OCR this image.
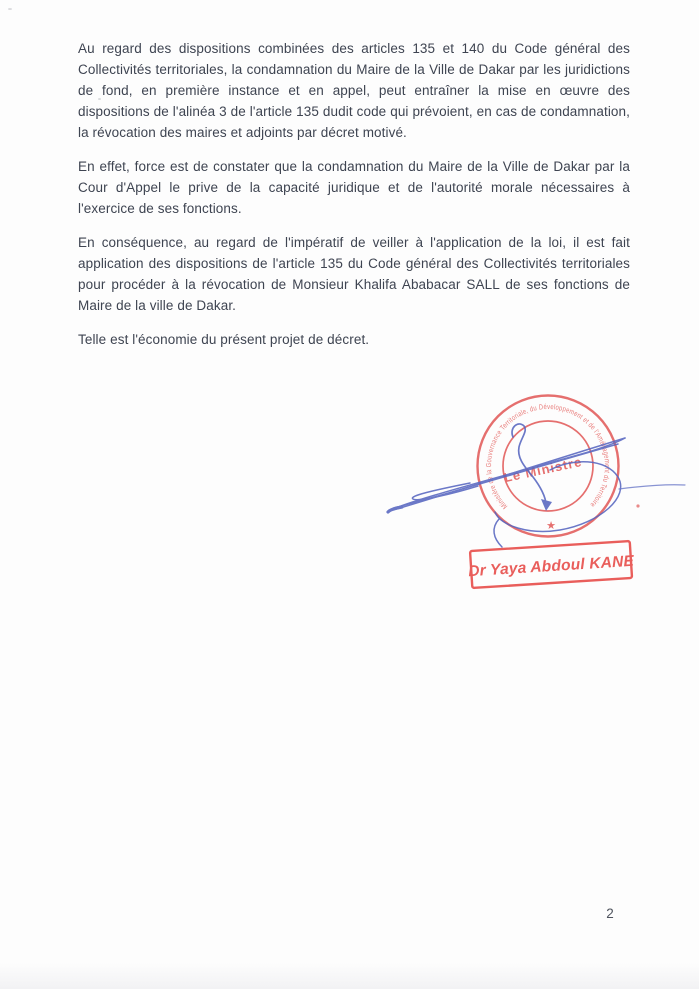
Au regard des dispositions combinées des articles 135 et 140 du Code général des Collectivités territoriales, la condamnation du Maire de la Ville de Dakar par les juridictions de fond, en première instance et en appel, peut entraîner la mise en œuvre des dispositions de l'alinéa 3 de l'article 135 dudit code qui prévoient, en cas de condamnation, la révocation des maires et adjoints par décret motivé.

En effet, force est de constater que la condamnation du Maire de la Ville de Dakar par la Cour d'Appel le prive de la capacité juridique et de l'autorité morale nécessaires à l'exercice de ses fonctions.

En conséquence, au regard de l'impératif de veiller à l'application de la loi, il est fait application des dispositions de l'article 135 du Code général des Collectivités territoriales pour procéder à la révocation de Monsieur Khalifa Ababacar SALL de ses fonctions de Maire de la ville de Dakar.

Telle est l'économie du présent projet de décret.

Ministère de la Gouvernance Territoriale, du Développement et de l'Aménagement du Territoire
★
Le Ministre
Dr Yaya Abdoul KANE
2
